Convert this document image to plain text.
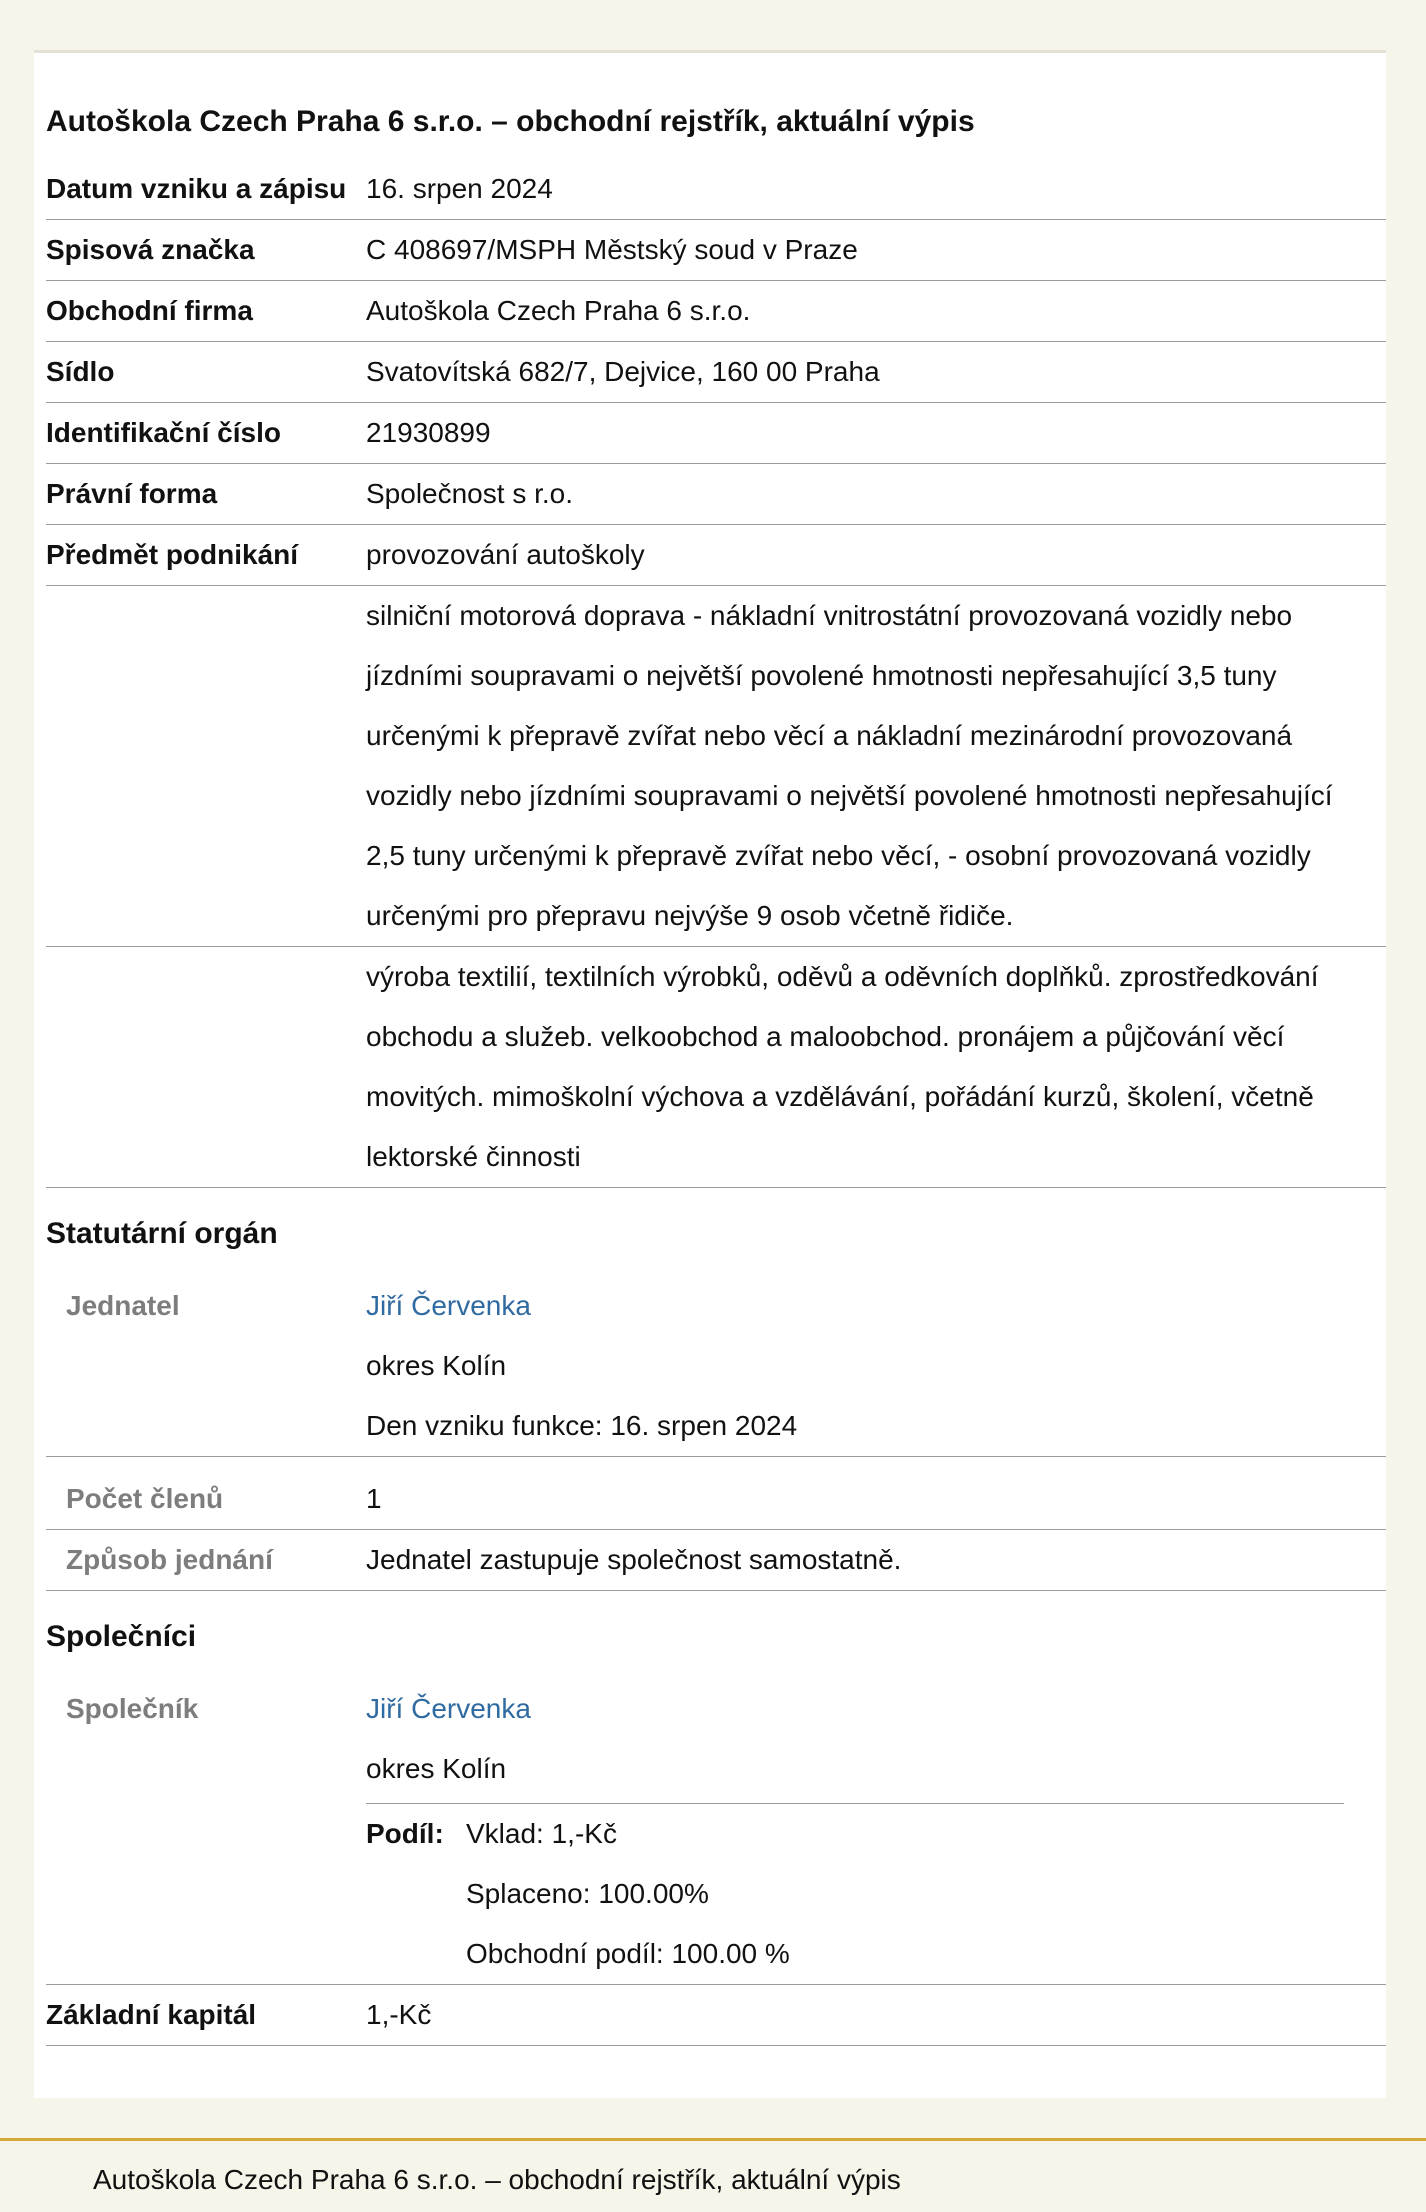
Autoškola Czech Praha 6 s.r.o. – obchodní rejstřík, aktuální výpis
Datum vzniku a zápisu 16. srpen 2024
Spisová značka	C 408697/MSPH Městský soud v Praze
Obchodní firma	Autoškola Czech Praha 6 s.r.o.
Sídlo	Svatovítská 682/7, Dejvice, 160 00 Praha
Identifikační číslo	21930899
Právní forma	Společnost s r.o.
Předmět podnikání	provozování autoškoly
silniční motorová doprava - nákladní vnitrostátní provozovaná vozidly nebo jízdními soupravami o největší povolené hmotnosti nepřesahující 3,5 tuny určenými k přepravě zvířat nebo věcí a nákladní mezinárodní provozovaná vozidly nebo jízdními soupravami o největší povolené hmotnosti nepřesahující 2,5 tuny určenými k přepravě zvířat nebo věcí, - osobní provozovaná vozidly určenými pro přepravu nejvýše 9 osob včetně řidiče.
výroba textilií, textilních výrobků, oděvů a oděvních doplňků. zprostředkování obchodu a služeb. velkoobchod a maloobchod. pronájem a půjčování věcí movitých. mimoškolní výchova a vzdělávání, pořádání kurzů, školení, včetně lektorské činnosti
Statutární orgán
Jednatel	Jiří Červenka
okres Kolín
Den vzniku funkce: 16. srpen 2024
Počet členů	1
Způsob jednání	Jednatel zastupuje společnost samostatně.
Společníci
Společník	Jiří Červenka
okres Kolín
Podíl: Vklad: 1,-Kč
Splaceno: 100.00%
Obchodní podíl: 100.00 %
Základní kapitál	1,-Kč
Autoškola Czech Praha 6 s.r.o. – obchodní rejstřík, aktuální výpis
